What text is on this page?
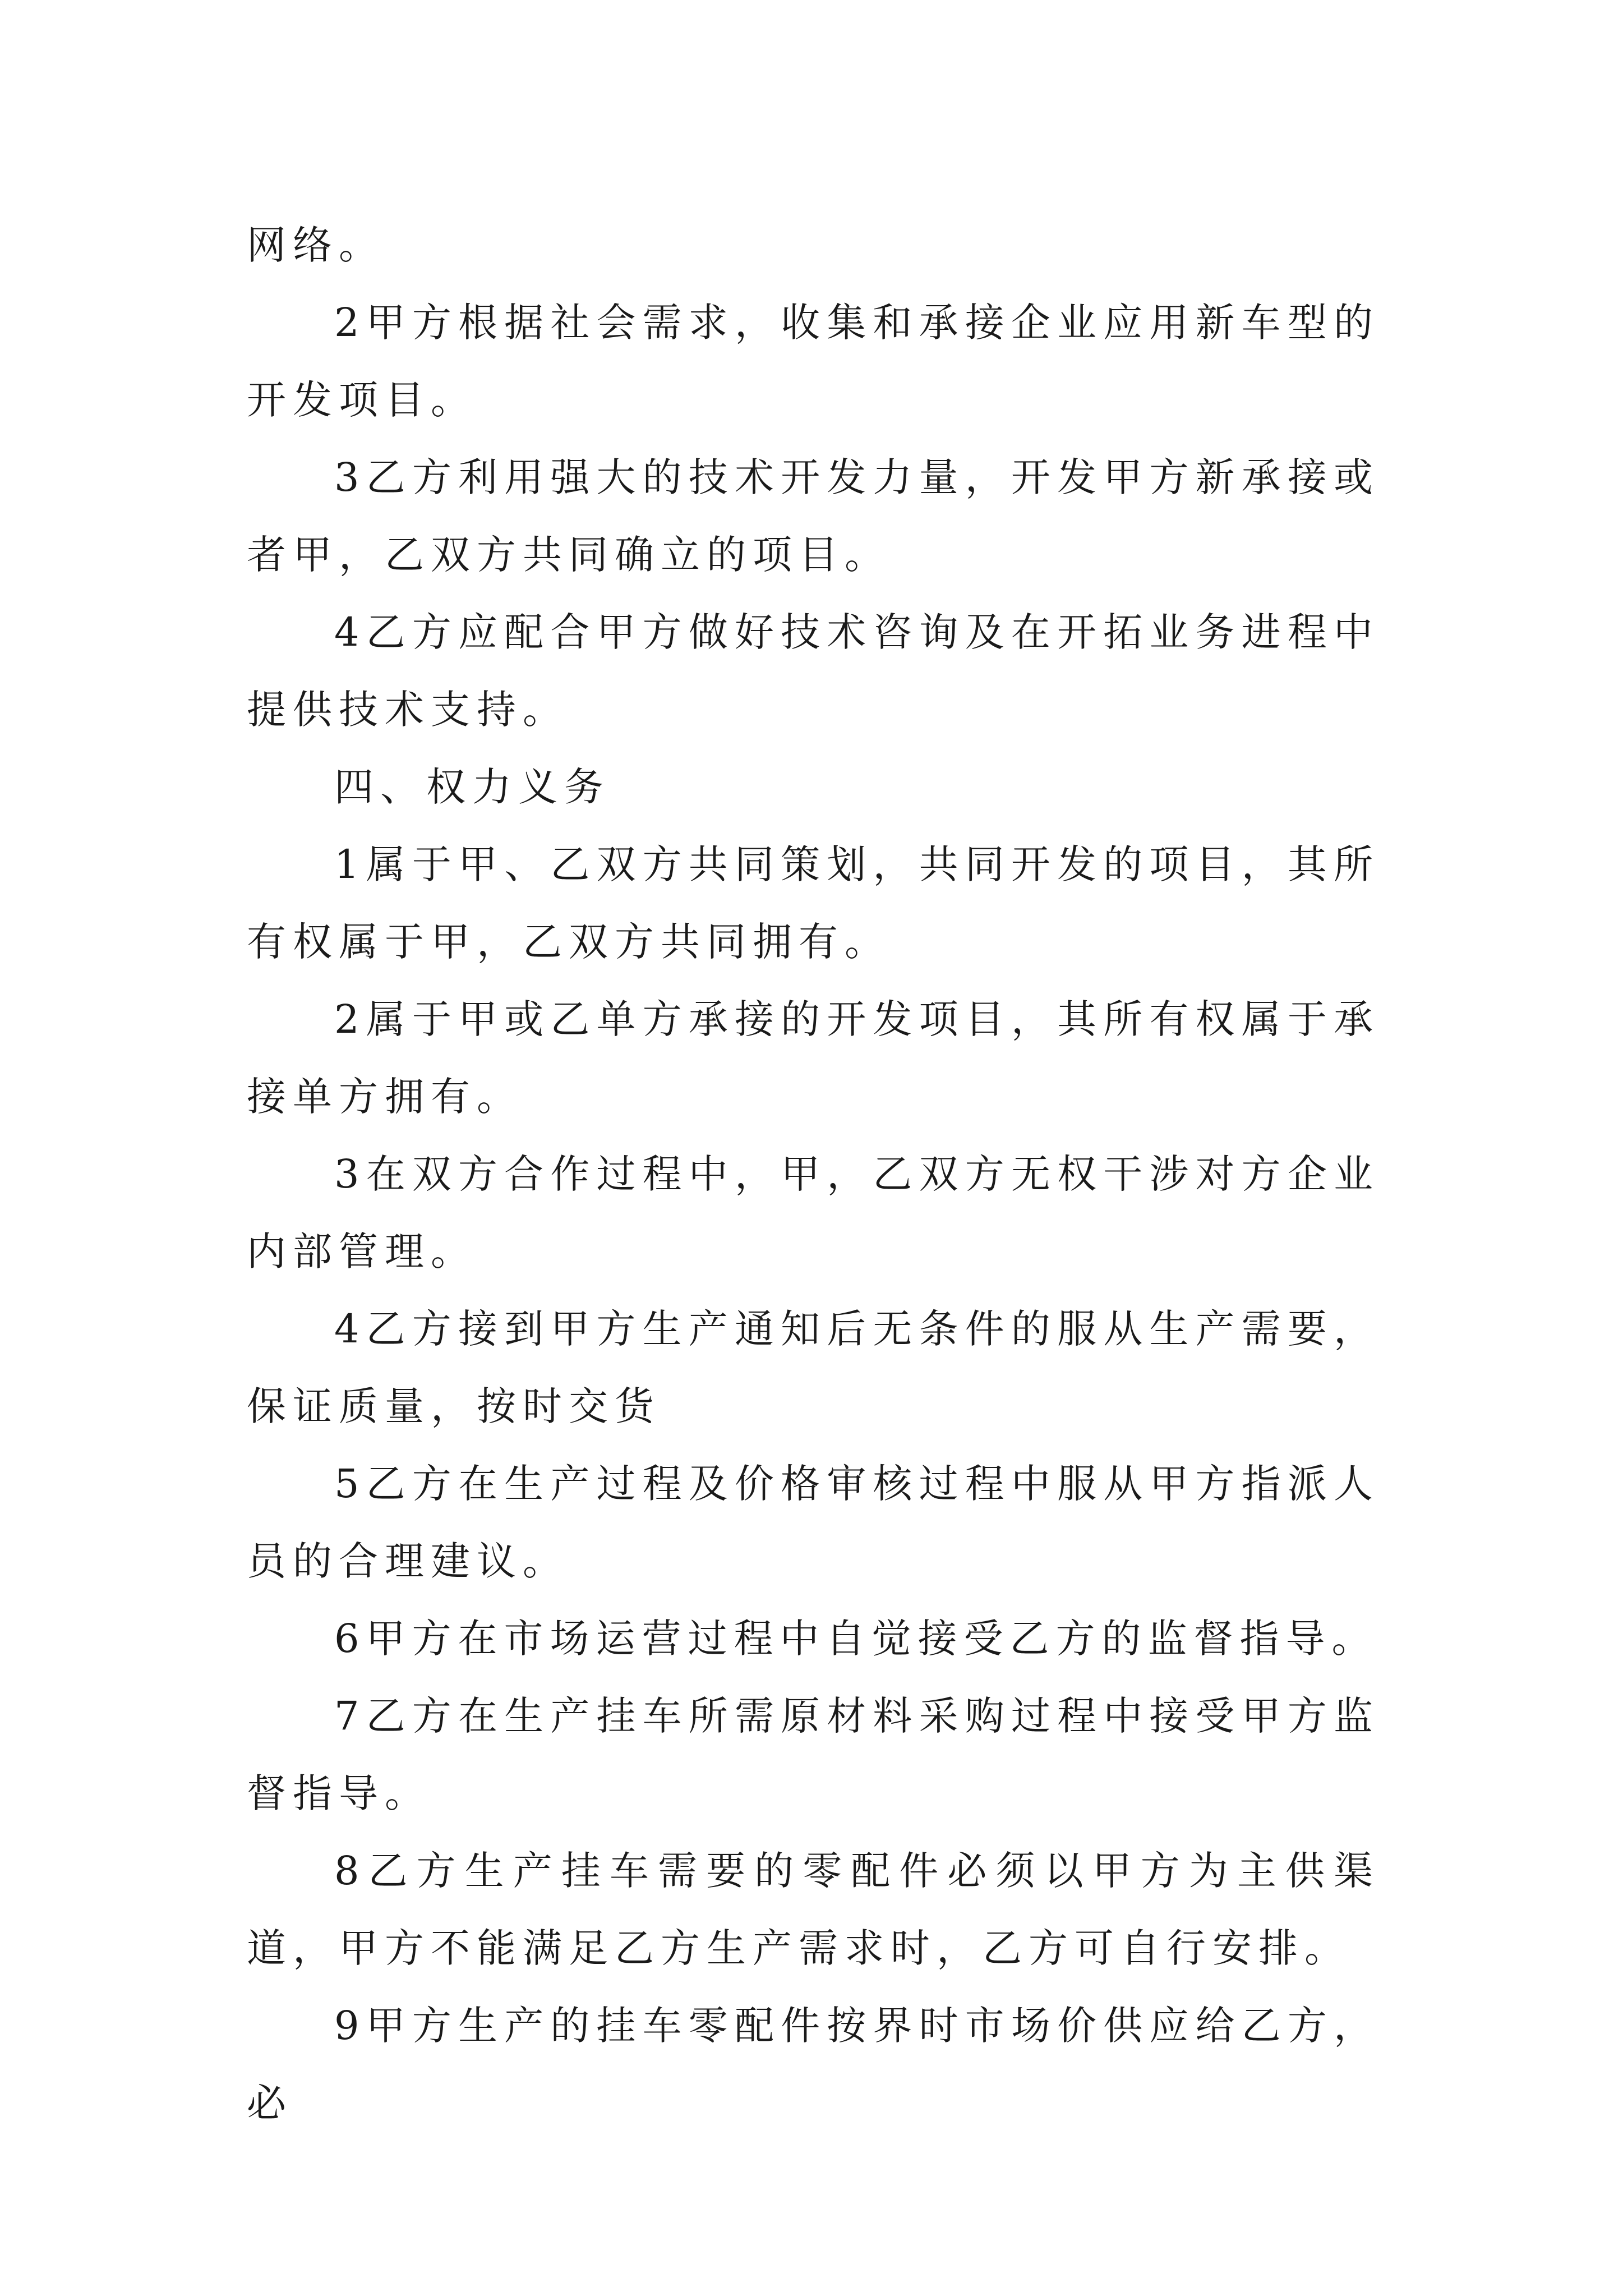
网络。

2甲方根据社会需求，收集和承接企业应用新车型的开发项目。

3乙方利用强大的技术开发力量，开发甲方新承接或者甲，乙双方共同确立的项目。

4乙方应配合甲方做好技术咨询及在开拓业务进程中提供技术支持。

四、权力义务

1属于甲、乙双方共同策划，共同开发的项目，其所有权属于甲，乙双方共同拥有。

2属于甲或乙单方承接的开发项目，其所有权属于承接单方拥有。

3在双方合作过程中，甲，乙双方无权干涉对方企业内部管理。

4乙方接到甲方生产通知后无条件的服从生产需要，保证质量，按时交货

5乙方在生产过程及价格审核过程中服从甲方指派人员的合理建议。

6甲方在市场运营过程中自觉接受乙方的监督指导。

7乙方在生产挂车所需原材料采购过程中接受甲方监督指导。

8乙方生产挂车需要的零配件必须以甲方为主供渠道，甲方不能满足乙方生产需求时，乙方可自行安排。

9甲方生产的挂车零配件按界时市场价供应给乙方，必
